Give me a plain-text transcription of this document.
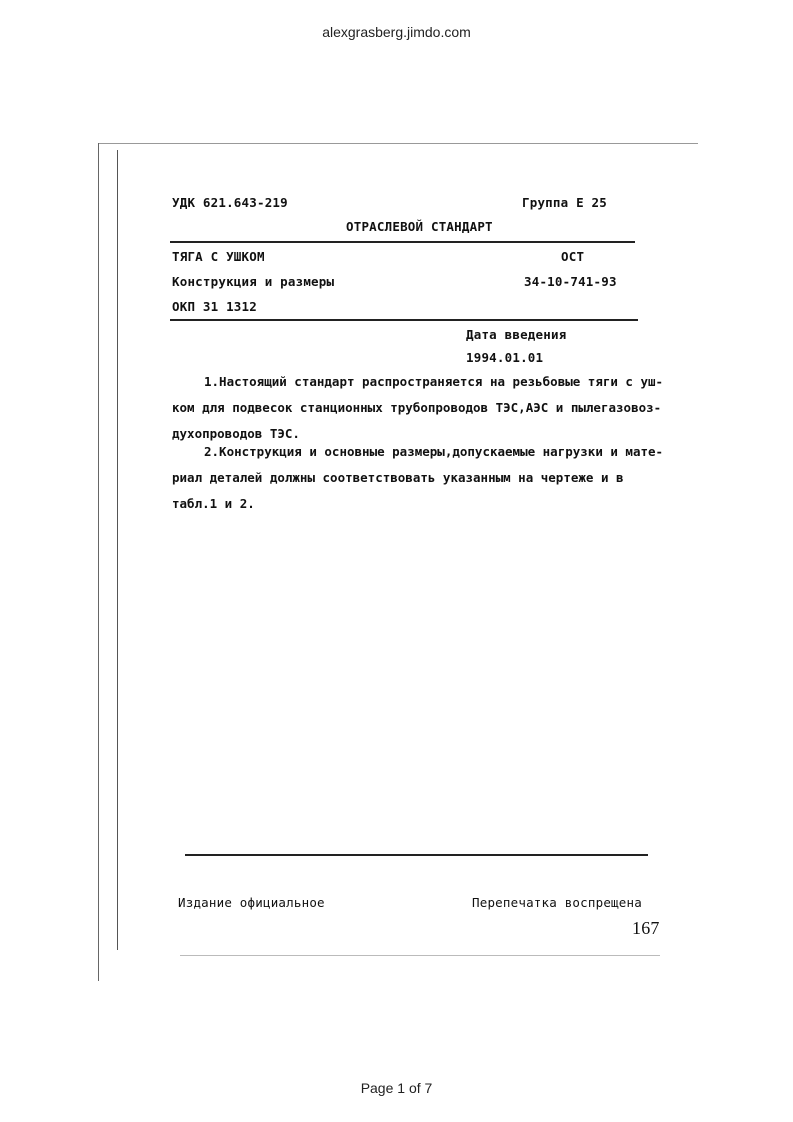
alexgrasberg.jimdo.com
УДК 621.643-219	Группа Е 25
ОТРАСЛЕВОЙ СТАНДАРТ
ТЯГА С УШКОМ	ОСТ
Конструкция и размеры	34-10-741-93
ОКП 31 1312
Дата введения
1994.01.01
1.Настоящий стандарт распространяется на резьбовые тяги с уш-
ком для подвесок станционных трубопроводов ТЭС,АЭС и пылегазовоз-
духопроводов ТЭС.
2.Конструкция и основные размеры,допускаемые нагрузки и мате-
риал деталей должны соответствовать указанным на чертеже и в
табл.1 и 2.
Издание официальное	Перепечатка воспрещена
167
Page 1 of 7
